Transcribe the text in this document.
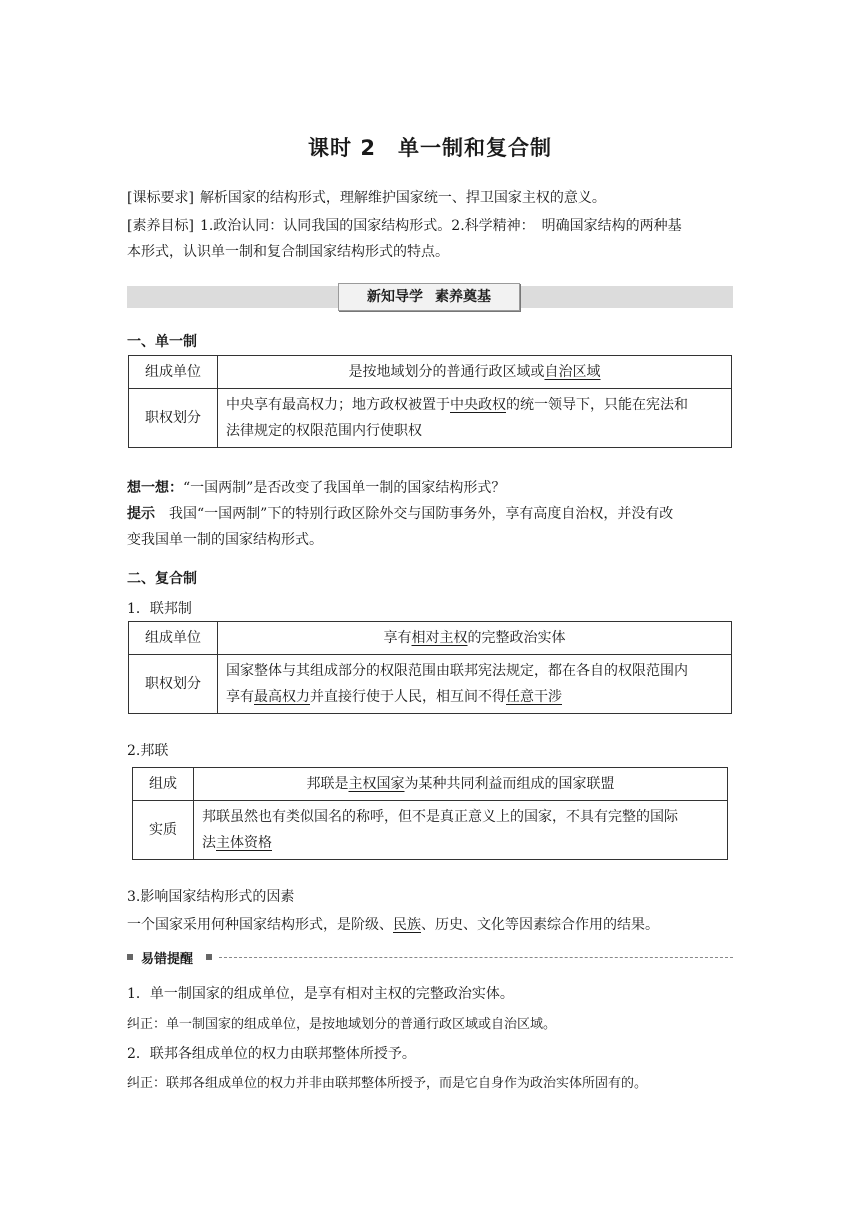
课时 2　单一制和复合制
[课标要求] 解析国家的结构形式，理解维护国家统一、捍卫国家主权的意义。
[素养目标] 1.政治认同：认同我国的国家结构形式。2.科学精神：　明确国家结构的两种基
本形式，认识单一制和复合制国家结构形式的特点。
新知导学 素养奠基
一、单一制
组成单位	是按地域划分的普通行政区域或自治区域
职权划分	中央享有最高权力；地方政权被置于中央政权的统一领导下，只能在宪法和
法律规定的权限范围内行使职权
想一想：“一国两制”是否改变了我国单一制的国家结构形式？
提示 我国“一国两制”下的特别行政区除外交与国防事务外，享有高度自治权，并没有改
变我国单一制的国家结构形式。
二、复合制
1．联邦制
组成单位	享有相对主权的完整政治实体
职权划分	国家整体与其组成部分的权限范围由联邦宪法规定，都在各自的权限范围内
享有最高权力并直接行使于人民，相互间不得任意干涉
2.邦联
组成	邦联是主权国家为某种共同利益而组成的国家联盟
实质	邦联虽然也有类似国名的称呼，但不是真正意义上的国家，不具有完整的国际
法主体资格
3.影响国家结构形式的因素
一个国家采用何种国家结构形式，是阶级、民族、历史、文化等因素综合作用的结果。
易错提醒
1．单一制国家的组成单位，是享有相对主权的完整政治实体。
纠正：单一制国家的组成单位，是按地域划分的普通行政区域或自治区域。
2．联邦各组成单位的权力由联邦整体所授予。
纠正：联邦各组成单位的权力并非由联邦整体所授予，而是它自身作为政治实体所固有的。
